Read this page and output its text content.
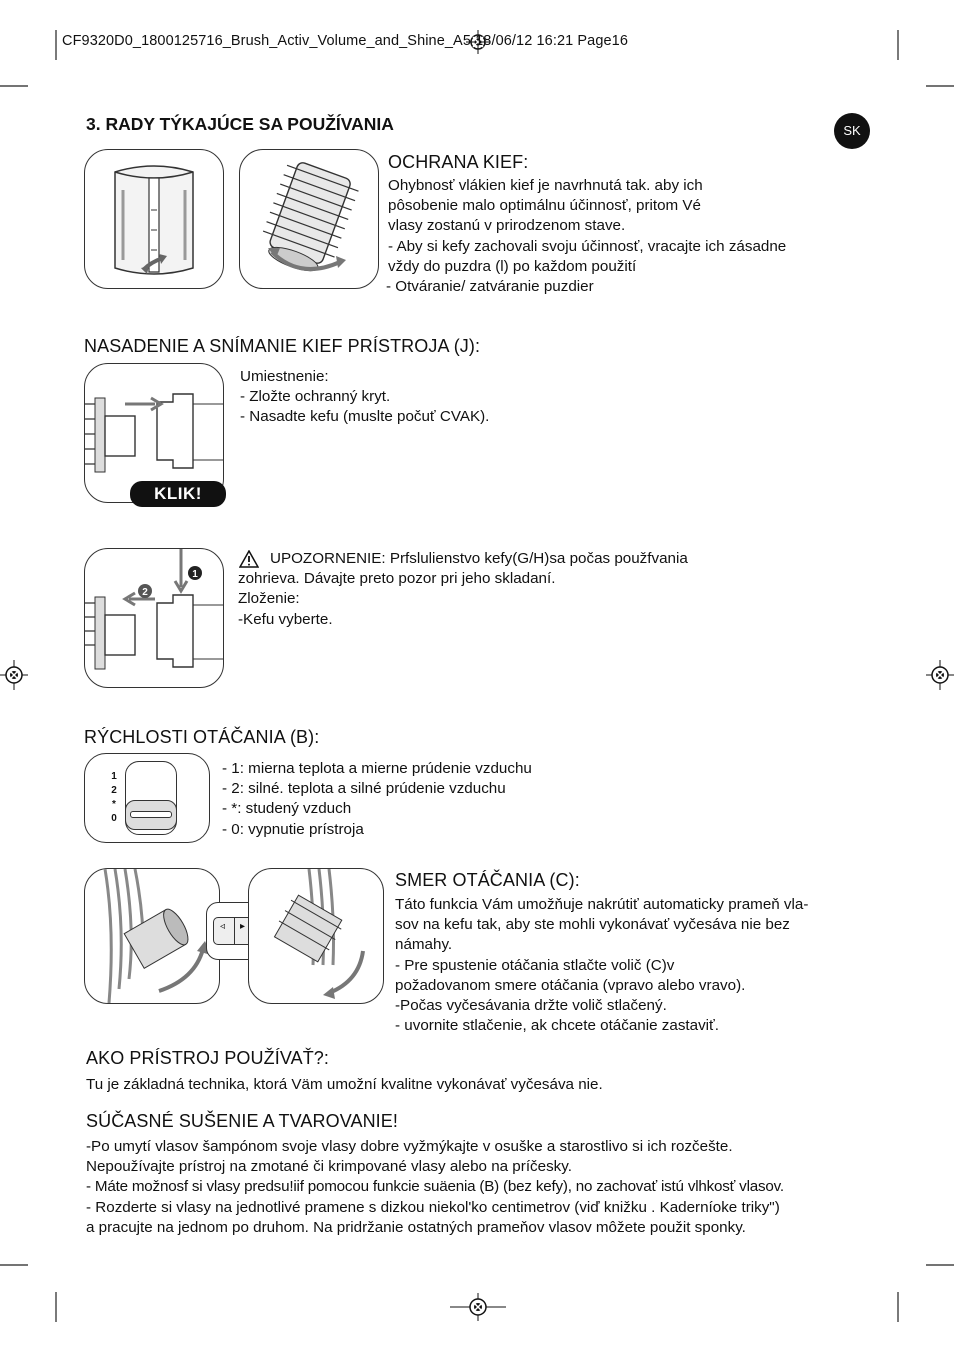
CF9320D0_1800125716_Brush_Activ_Volume_and_Shine_A5 18/06/12 16:21 Page16
SK
3. RADY TÝKAJÚCE SA POUŽÍVANIA
OCHRANA KIEF:
Ohybnosť vlákien kief je navrhnutá tak. aby ich
pôsobenie malo optimálnu účinnosť, pritom Vé
vlasy zostanú v prirodzenom stave.
- Aby si kefy zachovali svoju účinnosť, vracajte ich zásadne
vždy do puzdra (l) po každom použití
- Otváranie/ zatváranie puzdier
NASADENIE A SNÍMANIE KIEF PRÍSTROJA (J):
KLIK!
Umiestnenie:
- Zložte ochranný kryt.
- Nasadte kefu (muslte počuť CVAK).
1
2
UPOZORNENIE: Prfslulienstvo kefy(G/H)sa počas použfvania
zohrieva. Dávajte preto pozor pri jeho skladaní.
Zloženie:
-Kefu vyberte.
RÝCHLOSTI OTÁČANIA (B):
1
2
*
0
- 1: mierna teplota a mierne prúdenie vzduchu
- 2: silné. teplota a silné prúdenie vzduchu
- *: studený vzduch
- 0: vypnutie prístroja
◃ ▸
SMER OTÁČANIA (C):
Táto funkcia Vám umožňuje nakrútiť automaticky prameň vla-
sov na kefu tak, aby ste mohli vykonávať vyčesáva nie bez
námahy.
- Pre spustenie otáčania stlačte volič (C)v
požadovanom smere otáčania (vpravo alebo vravo).
-Počas vyčesávania držte volič stlačený.
- uvornite stlačenie, ak chcete otáčanie zastaviť.
AKO PRÍSTROJ POUŽÍVAŤ?:
Tu je základná technika, ktorá Väm umožní kvalitne vykonávať vyčesáva nie.
SÚČASNÉ SUŠENIE A TVAROVANIE!
-Po umytí vlasov šampónom svoje vlasy dobre vyžmýkajte v osuške a starostlivo si ich rozčešte.
Nepoužívajte prístroj na zmotané či krimpované vlasy alebo na príčesky.
- Máte možnosf si vlasy predsu!iif pomocou funkcie suäenia (B) (bez kefy), no zachovať istú vlhkosť vlasov.
- Rozderte si vlasy na jednotlivé pramene s dizkou niekol'ko centimetrov (viď knižku . Kaderníoke triky")
a pracujte na jednom po druhom. Na pridržanie ostatných prameňov vlasov môžete použit sponky.
